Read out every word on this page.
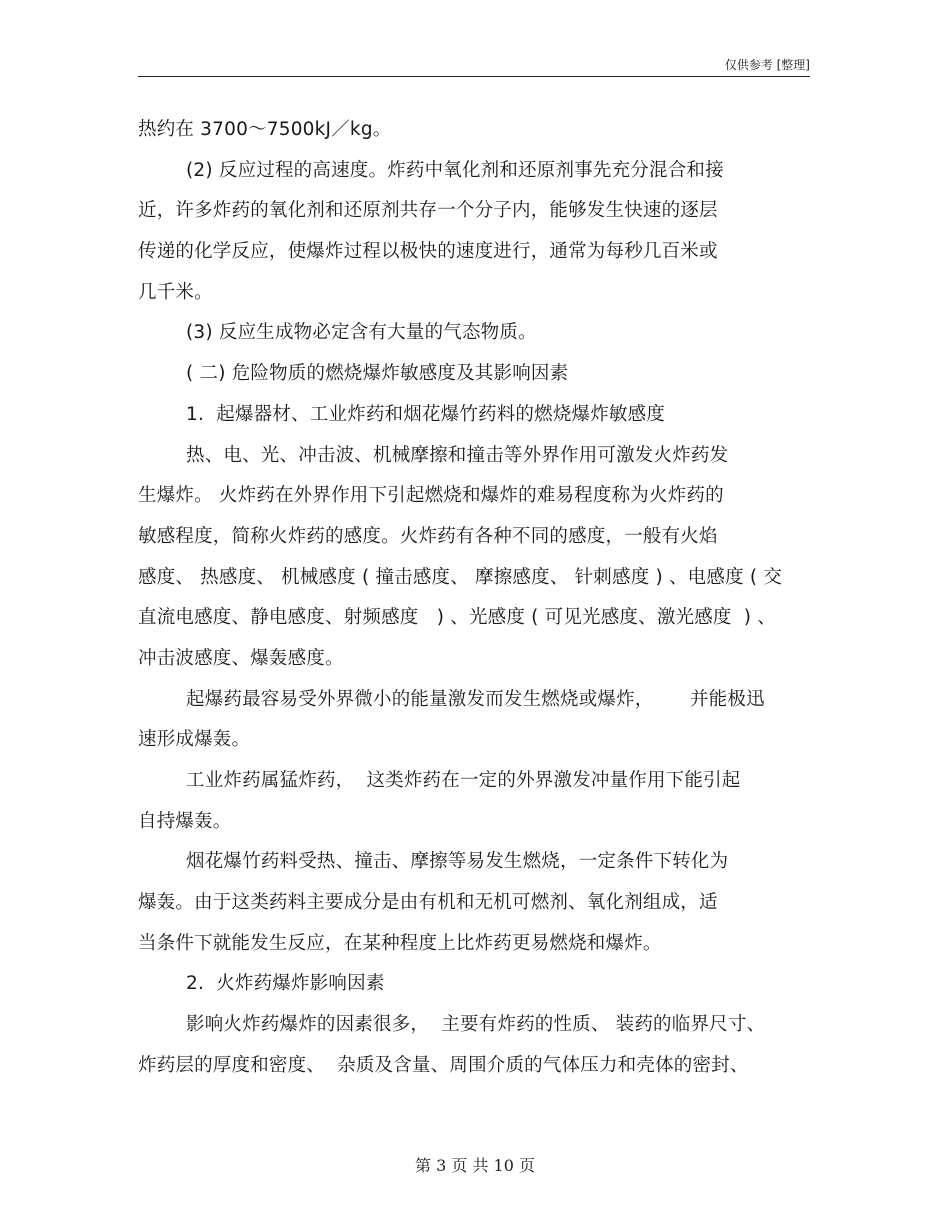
仅供参考 [整理]
热约在 3700～7500kJ／kg。
(2) 反应过程的高速度。炸药中氧化剂和还原剂事先充分混合和接
近，许多炸药的氧化剂和还原剂共存一个分子内，能够发生快速的逐层
传递的化学反应，使爆炸过程以极快的速度进行，通常为每秒几百米或
几千米。
(3) 反应生成物必定含有大量的气态物质。
( 二) 危险物质的燃烧爆炸敏感度及其影响因素
1.  起爆器材、工业炸药和烟花爆竹药料的燃烧爆炸敏感度
热、电、光、冲击波、机械摩擦和撞击等外界作用可激发火炸药发
生爆炸。 火炸药在外界作用下引起燃烧和爆炸的难易程度称为火炸药的
敏感程度，简称火炸药的感度。火炸药有各种不同的感度，一般有火焰
感度、 热感度、 机械感度 ( 撞击感度、 摩擦感度、 针刺感度 ) 、电感度 ( 交
直流电感度、静电感度、射频感度   ) 、光感度 ( 可见光感度、激光感度  ) 、
冲击波感度、爆轰感度。
起爆药最容易受外界微小的能量激发而发生燃烧或爆炸，      并能极迅
速形成爆轰。
工业炸药属猛炸药，  这类炸药在一定的外界激发冲量作用下能引起
自持爆轰。
烟花爆竹药料受热、撞击、摩擦等易发生燃烧，一定条件下转化为
爆轰。由于这类药料主要成分是由有机和无机可燃剂、氧化剂组成，适
当条件下就能发生反应，在某种程度上比炸药更易燃烧和爆炸。
2.  火炸药爆炸影响因素
影响火炸药爆炸的因素很多，  主要有炸药的性质、 装药的临界尺寸、
炸药层的厚度和密度、  杂质及含量、周围介质的气体压力和壳体的密封、
第 3 页 共 10 页
